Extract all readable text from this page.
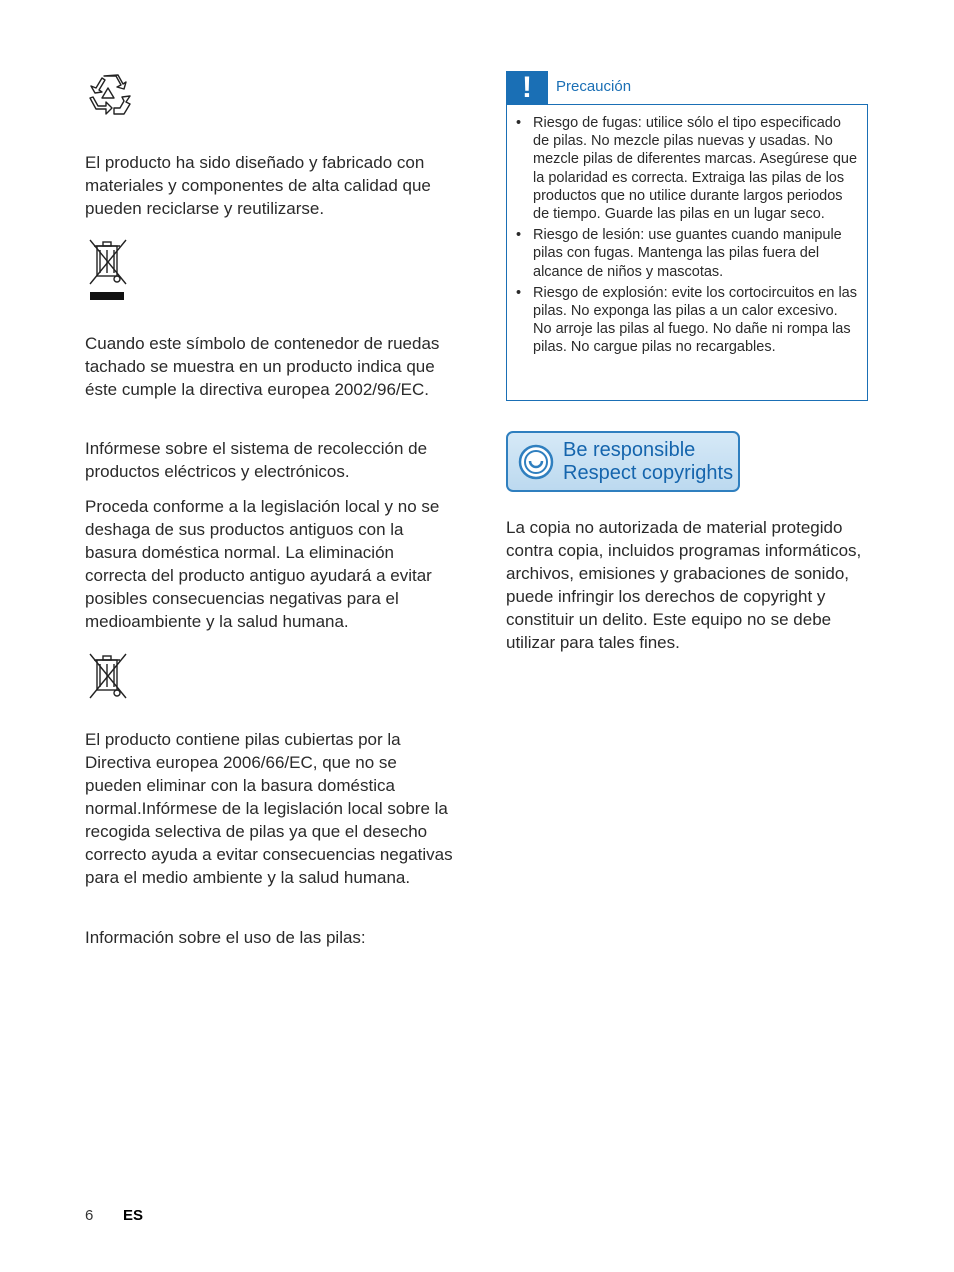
El producto ha sido diseñado y fabricado con materiales y componentes de alta calidad que pueden reciclarse y reutilizarse.

Cuando este símbolo de contenedor de ruedas tachado se muestra en un producto indica que éste cumple la directiva europea 2002/96/EC.

Infórmese sobre el sistema de recolección de productos eléctricos y electrónicos.

Proceda conforme a la legislación local y no se deshaga de sus productos antiguos con la basura doméstica normal. La eliminación correcta del producto antiguo ayudará a evitar posibles consecuencias negativas para el medioambiente y la salud humana.

El producto contiene pilas cubiertas por la Directiva europea 2006/66/EC, que no se pueden eliminar con la basura doméstica normal.Infórmese de la legislación local sobre la recogida selectiva de pilas ya que el desecho correcto ayuda a evitar consecuencias negativas para el medio ambiente y la salud humana.

Información sobre el uso de las pilas:

!	Precaución
• Riesgo de fugas: utilice sólo el tipo especificado de pilas. No mezcle pilas nuevas y usadas. No mezcle pilas de diferentes marcas. Asegúrese que la polaridad es correcta. Extraiga las pilas de los productos que no utilice durante largos periodos de tiempo. Guarde las pilas en un lugar seco.
• Riesgo de lesión: use guantes cuando manipule pilas con fugas. Mantenga las pilas fuera del alcance de niños y mascotas.
• Riesgo de explosión: evite los cortocircuitos en las pilas. No exponga las pilas a un calor excesivo. No arroje las pilas al fuego. No dañe ni rompa las pilas. No cargue pilas no recargables.
Be responsible
Respect copyrights

La copia no autorizada de material protegido contra copia, incluidos programas informáticos, archivos, emisiones y grabaciones de sonido, puede infringir los derechos de copyright y constituir un delito. Este equipo no se debe utilizar para tales fines.

6 ES
